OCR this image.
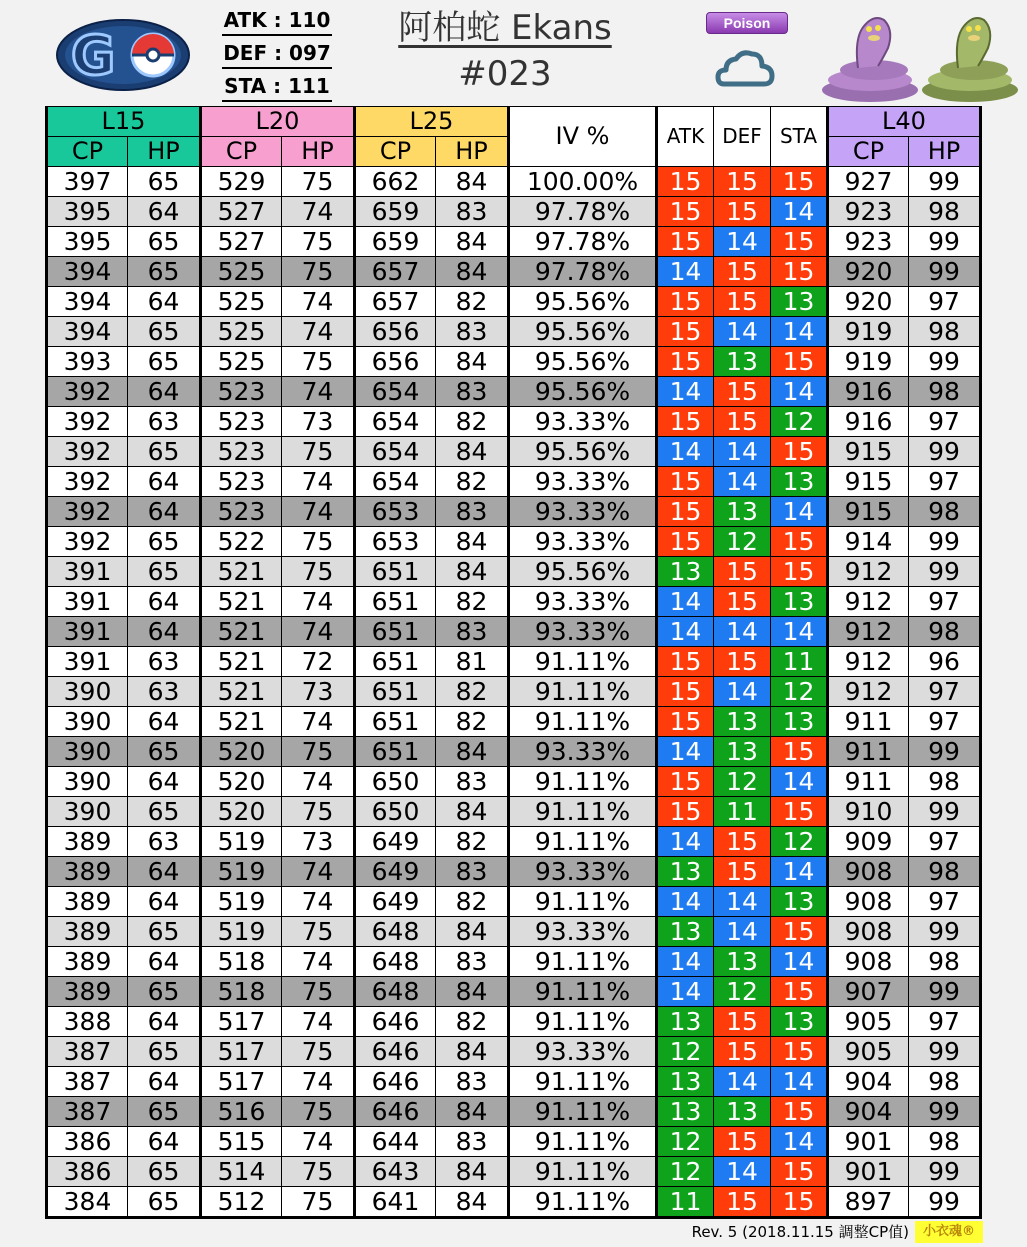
G
ATK : 110
DEF : 097
STA : 111
阿柏蛇 Ekans
#023
Poison
L15		L20		L25		IV %	ATK	DEF	STA	L40	
CP	HP	CP	HP	CP	HP					CP	HP
397	65	529	75	662	84	100.00%	15	15	15	927	99
395	64	527	74	659	83	97.78%	15	15	14	923	98
395	65	527	75	659	84	97.78%	15	14	15	923	99
394	65	525	75	657	84	97.78%	14	15	15	920	99
394	64	525	74	657	82	95.56%	15	15	13	920	97
394	65	525	74	656	83	95.56%	15	14	14	919	98
393	65	525	75	656	84	95.56%	15	13	15	919	99
392	64	523	74	654	83	95.56%	14	15	14	916	98
392	63	523	73	654	82	93.33%	15	15	12	916	97
392	65	523	75	654	84	95.56%	14	14	15	915	99
392	64	523	74	654	82	93.33%	15	14	13	915	97
392	64	523	74	653	83	93.33%	15	13	14	915	98
392	65	522	75	653	84	93.33%	15	12	15	914	99
391	65	521	75	651	84	95.56%	13	15	15	912	99
391	64	521	74	651	82	93.33%	14	15	13	912	97
391	64	521	74	651	83	93.33%	14	14	14	912	98
391	63	521	72	651	81	91.11%	15	15	11	912	96
390	63	521	73	651	82	91.11%	15	14	12	912	97
390	64	521	74	651	82	91.11%	15	13	13	911	97
390	65	520	75	651	84	93.33%	14	13	15	911	99
390	64	520	74	650	83	91.11%	15	12	14	911	98
390	65	520	75	650	84	91.11%	15	11	15	910	99
389	63	519	73	649	82	91.11%	14	15	12	909	97
389	64	519	74	649	83	93.33%	13	15	14	908	98
389	64	519	74	649	82	91.11%	14	14	13	908	97
389	65	519	75	648	84	93.33%	13	14	15	908	99
389	64	518	74	648	83	91.11%	14	13	14	908	98
389	65	518	75	648	84	91.11%	14	12	15	907	99
388	64	517	74	646	82	91.11%	13	15	13	905	97
387	65	517	75	646	84	93.33%	12	15	15	905	99
387	64	517	74	646	83	91.11%	13	14	14	904	98
387	65	516	75	646	84	91.11%	13	13	15	904	99
386	64	515	74	644	83	91.11%	12	15	14	901	98
386	65	514	75	643	84	91.11%	12	14	15	901	99
384	65	512	75	641	84	91.11%	11	15	15	897	99
Rev. 5 (2018.11.15 調整CP值)	小衣魂®
